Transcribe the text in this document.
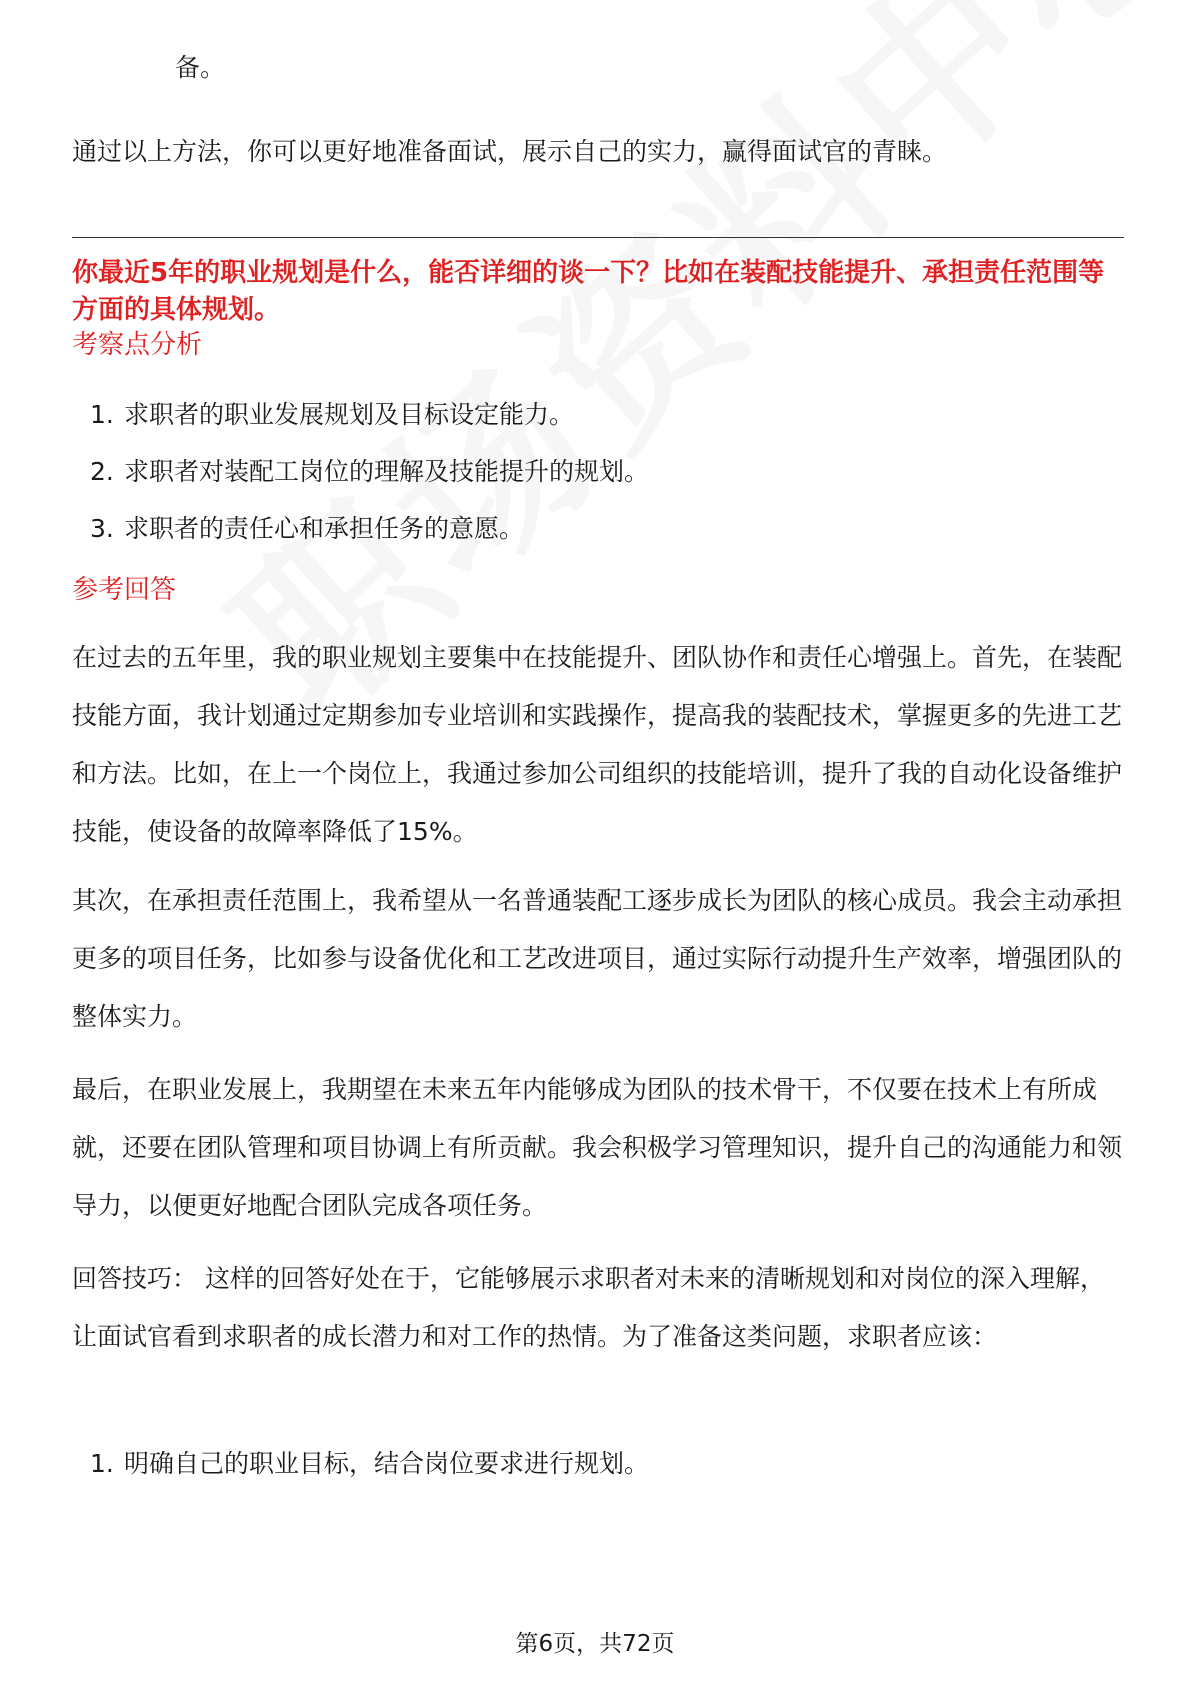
备。

通过以上方法，你可以更好地准备面试，展示自己的实力，赢得面试官的青睐。

你最近5年的职业规划是什么，能否详细的谈一下？比如在装配技能提升、承担责任范围等方面的具体规划。
考察点分析
1. 求职者的职业发展规划及目标设定能力。
2. 求职者对装配工岗位的理解及技能提升的规划。
3. 求职者的责任心和承担任务的意愿。
参考回答

在过去的五年里，我的职业规划主要集中在技能提升、团队协作和责任心增强上。首先，在装配技能方面，我计划通过定期参加专业培训和实践操作，提高我的装配技术，掌握更多的先进工艺和方法。比如，在上一个岗位上，我通过参加公司组织的技能培训，提升了我的自动化设备维护技能，使设备的故障率降低了15%。

其次，在承担责任范围上，我希望从一名普通装配工逐步成长为团队的核心成员。我会主动承担更多的项目任务，比如参与设备优化和工艺改进项目，通过实际行动提升生产效率，增强团队的整体实力。

最后，在职业发展上，我期望在未来五年内能够成为团队的技术骨干，不仅要在技术上有所成就，还要在团队管理和项目协调上有所贡献。我会积极学习管理知识，提升自己的沟通能力和领导力，以便更好地配合团队完成各项任务。

回答技巧： 这样的回答好处在于，它能够展示求职者对未来的清晰规划和对岗位的深入理解，让面试官看到求职者的成长潜力和对工作的热情。为了准备这类问题，求职者应该：

1. 明确自己的职业目标，结合岗位要求进行规划。
第6页，共72页
